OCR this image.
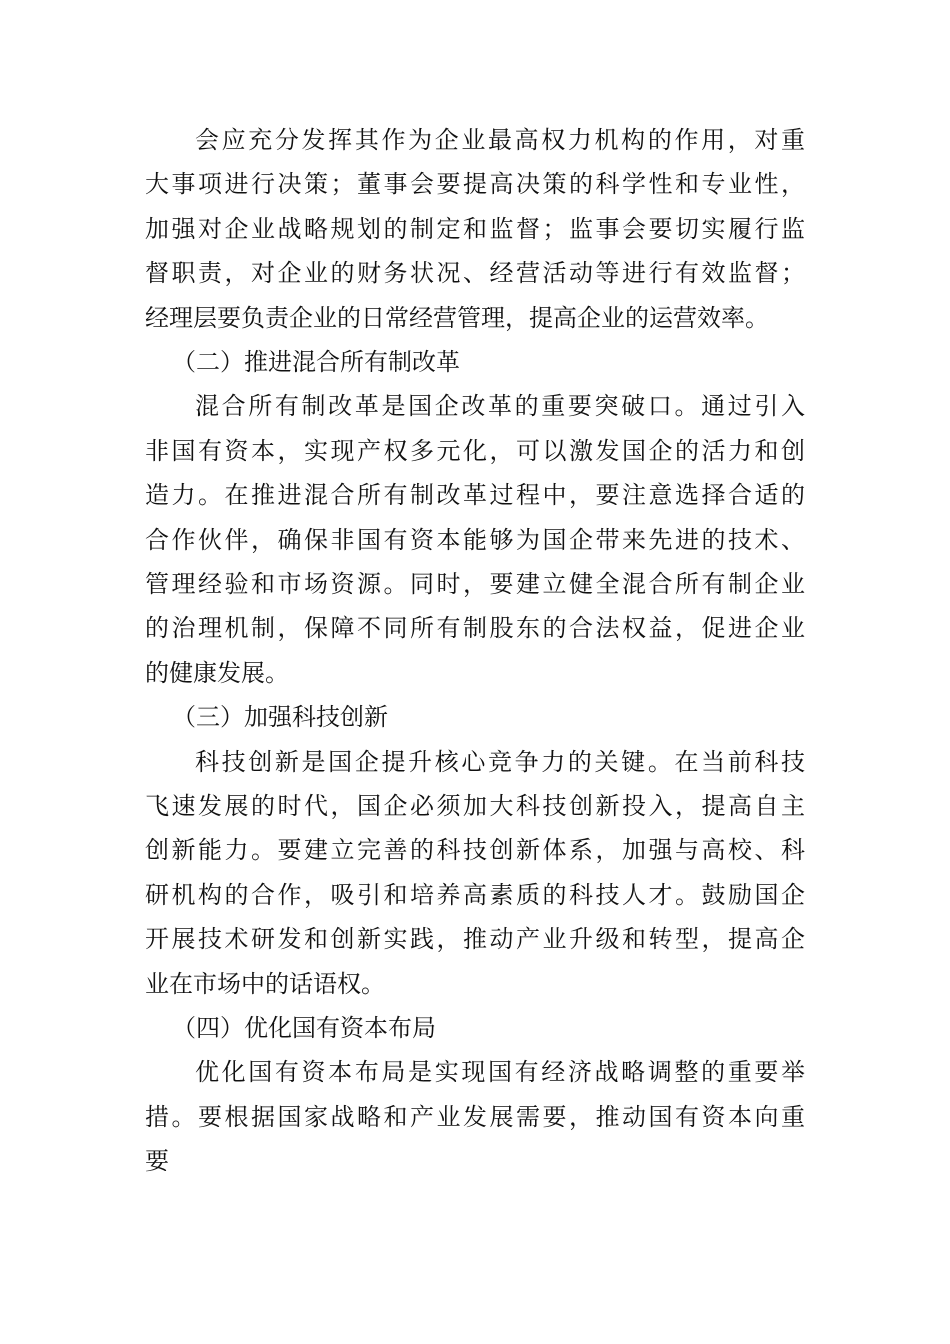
会应充分发挥其作为企业最高权力机构的作用，对重
大事项进行决策；董事会要提高决策的科学性和专业性，
加强对企业战略规划的制定和监督；监事会要切实履行监
督职责，对企业的财务状况、经营活动等进行有效监督；
经理层要负责企业的日常经营管理，提高企业的运营效率。
（二）推进混合所有制改革
混合所有制改革是国企改革的重要突破口。通过引入
非国有资本，实现产权多元化，可以激发国企的活力和创
造力。在推进混合所有制改革过程中，要注意选择合适的
合作伙伴，确保非国有资本能够为国企带来先进的技术、
管理经验和市场资源。同时，要建立健全混合所有制企业
的治理机制，保障不同所有制股东的合法权益，促进企业
的健康发展。
（三）加强科技创新
科技创新是国企提升核心竞争力的关键。在当前科技
飞速发展的时代，国企必须加大科技创新投入，提高自主
创新能力。要建立完善的科技创新体系，加强与高校、科
研机构的合作，吸引和培养高素质的科技人才。鼓励国企
开展技术研发和创新实践，推动产业升级和转型，提高企
业在市场中的话语权。
（四）优化国有资本布局
优化国有资本布局是实现国有经济战略调整的重要举
措。要根据国家战略和产业发展需要，推动国有资本向重
要
